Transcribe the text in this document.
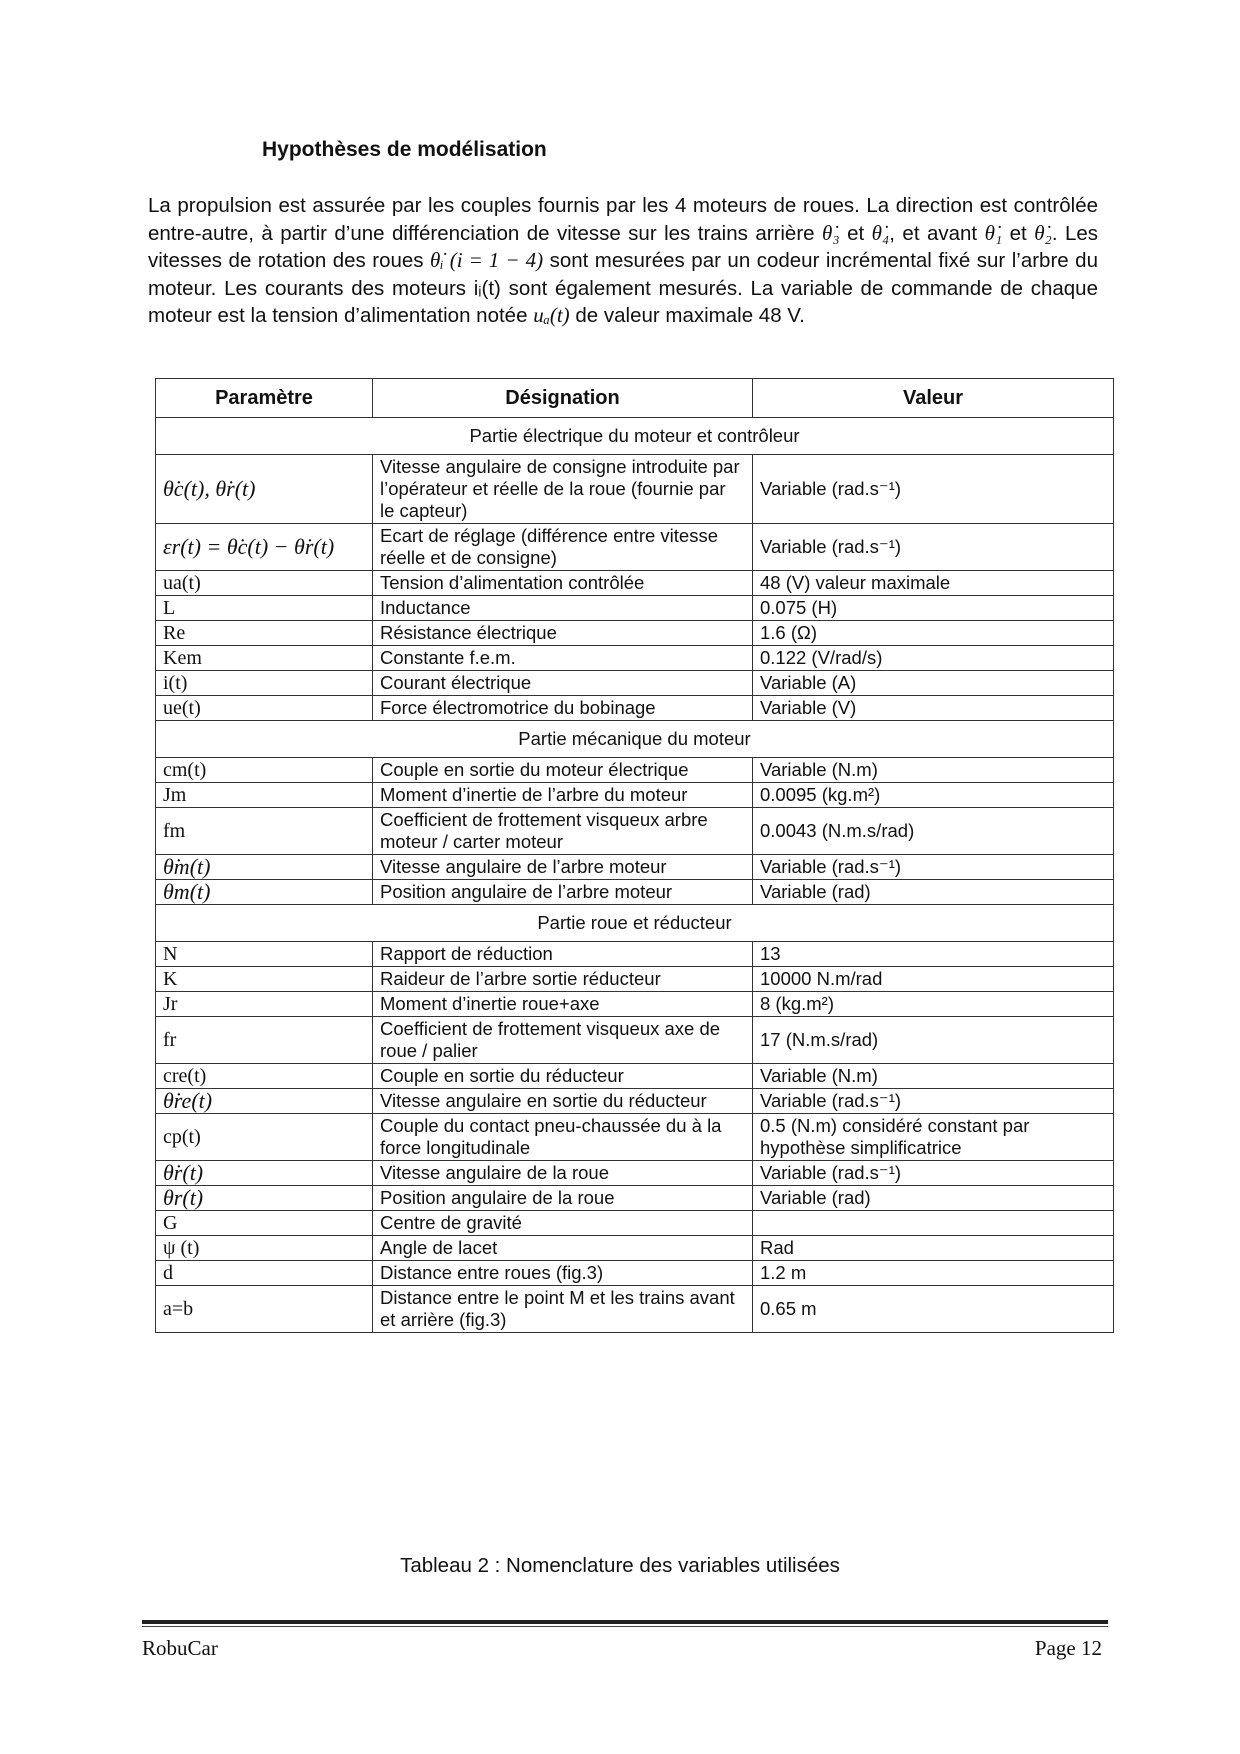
Hypothèses de modélisation

La propulsion est assurée par les couples fournis par les 4 moteurs de roues. La direction est contrôlée entre-autre, à partir d’une différenciation de vitesse sur les trains arrière θ̇₃ et θ̇₄, et avant θ̇₁ et θ̇₂. Les vitesses de rotation des roues θ̇ᵢ (i = 1 − 4) sont mesurées par un codeur incrémental fixé sur l’arbre du moteur. Les courants des moteurs iᵢ(t) sont également mesurés. La variable de commande de chaque moteur est la tension d’alimentation notée uₐ(t) de valeur maximale 48 V.

Paramètre	Désignation	Valeur
Partie électrique du moteur et contrôleur		
θ̇c(t), θ̇r(t)	Vitesse angulaire de consigne introduite par l’opérateur et réelle de la roue (fournie par le capteur)	Variable (rad.s⁻¹)
εr(t) = θ̇c(t) − θ̇r(t)	Ecart de réglage (différence entre vitesse réelle et de consigne)	Variable (rad.s⁻¹)
ua(t)	Tension d’alimentation contrôlée	48 (V) valeur maximale
L	Inductance	0.075 (H)
Re	Résistance électrique	1.6 (Ω)
Kem	Constante f.e.m.	0.122 (V/rad/s)
i(t)	Courant électrique	Variable (A)
ue(t)	Force électromotrice du bobinage	Variable (V)
Partie mécanique du moteur		
cm(t)	Couple en sortie du moteur électrique	Variable (N.m)
Jm	Moment d’inertie de l’arbre du moteur	0.0095 (kg.m²)
fm	Coefficient de frottement visqueux arbre moteur / carter moteur	0.0043 (N.m.s/rad)
θ̇m(t)	Vitesse angulaire de l’arbre moteur	Variable (rad.s⁻¹)
θm(t)	Position angulaire de l’arbre moteur	Variable (rad)
Partie roue et réducteur		
N	Rapport de réduction	13
K	Raideur de l’arbre sortie réducteur	10000 N.m/rad
Jr	Moment d’inertie roue+axe	8 (kg.m²)
fr	Coefficient de frottement visqueux axe de roue / palier	17 (N.m.s/rad)
cre(t)	Couple en sortie du réducteur	Variable (N.m)
θ̇re(t)	Vitesse angulaire en sortie du réducteur	Variable (rad.s⁻¹)
cp(t)	Couple du contact pneu-chaussée du à la force longitudinale	0.5 (N.m) considéré constant par hypothèse simplificatrice
θ̇r(t)	Vitesse angulaire de la roue	Variable (rad.s⁻¹)
θr(t)	Position angulaire de la roue	Variable (rad)
G	Centre de gravité	
ψ (t)	Angle de lacet	Rad
d	Distance entre roues (fig.3)	1.2 m
a=b	Distance entre le point M et les trains avant et arrière (fig.3)	0.65 m
Tableau 2 : Nomenclature des variables utilisées
RobuCar	Page 12
